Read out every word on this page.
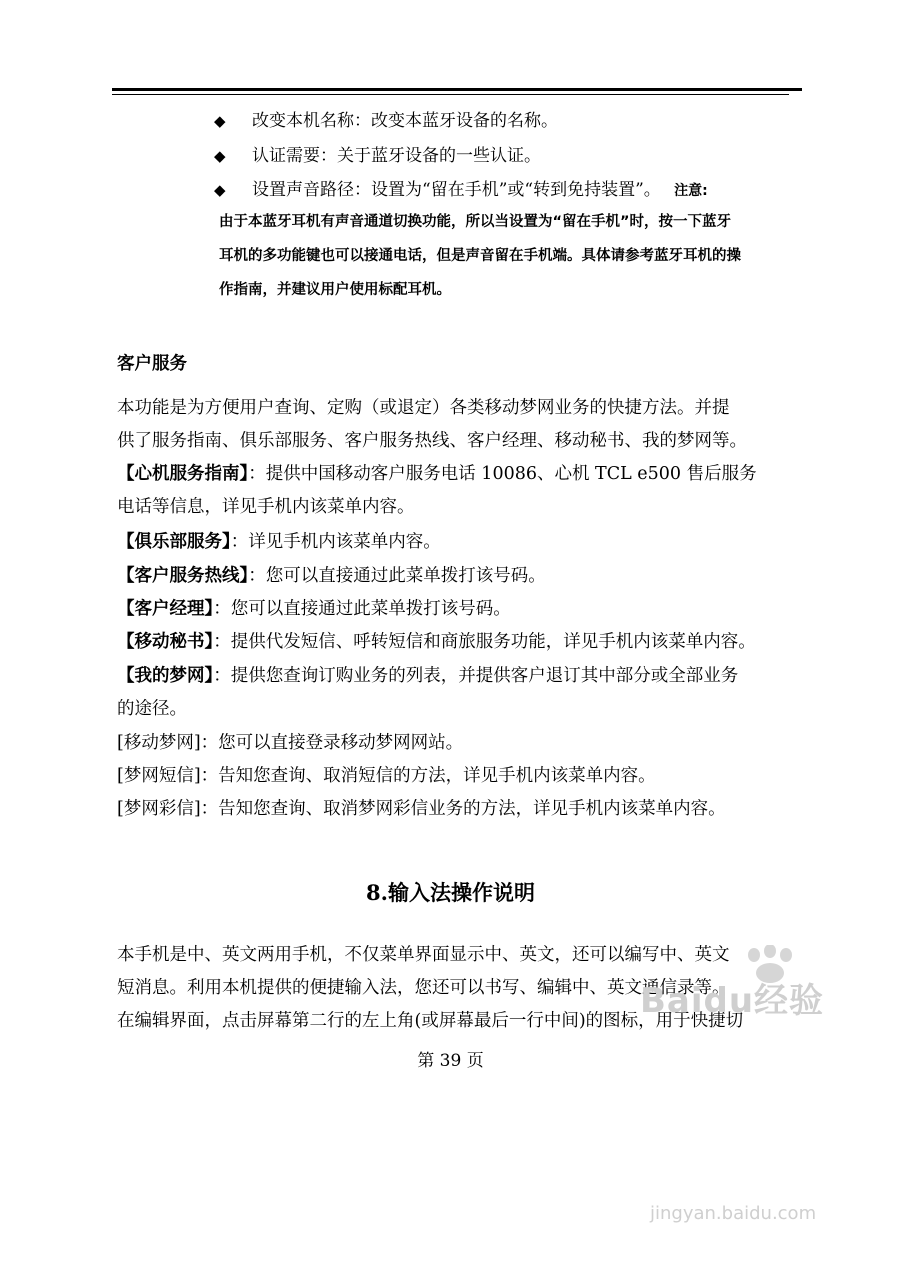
◆ 改变本机名称：改变本蓝牙设备的名称。
◆ 认证需要：关于蓝牙设备的一些认证。
◆ 设置声音路径：设置为“留在手机”或“转到免持装置”。 注意:
由于本蓝牙耳机有声音通道切换功能，所以当设置为“留在手机”时，按一下蓝牙
耳机的多功能键也可以接通电话，但是声音留在手机端。具体请参考蓝牙耳机的操
作指南，并建议用户使用标配耳机。
客户服务
本功能是为方便用户查询、定购（或退定）各类移动梦网业务的快捷方法。并提
供了服务指南、俱乐部服务、客户服务热线、客户经理、移动秘书、我的梦网等。
【心机服务指南】：提供中国移动客户服务电话 10086、心机 TCL e500 售后服务
电话等信息，详见手机内该菜单内容。
【俱乐部服务】：详见手机内该菜单内容。
【客户服务热线】：您可以直接通过此菜单拨打该号码。
【客户经理】：您可以直接通过此菜单拨打该号码。
【移动秘书】：提供代发短信、呼转短信和商旅服务功能，详见手机内该菜单内容。
【我的梦网】：提供您查询订购业务的列表，并提供客户退订其中部分或全部业务
的途径。
[移动梦网]：您可以直接登录移动梦网网站。
[梦网短信]：告知您查询、取消短信的方法，详见手机内该菜单内容。
[梦网彩信]：告知您查询、取消梦网彩信业务的方法，详见手机内该菜单内容。
8.输入法操作说明
本手机是中、英文两用手机，不仅菜单界面显示中、英文，还可以编写中、英文
短消息。利用本机提供的便捷输入法，您还可以书写、编辑中、英文通信录等。
在编辑界面，点击屏幕第二行的左上角(或屏幕最后一行中间)的图标，用于快捷切
第 39 页
Baidu经验
jingyan.baidu.com
